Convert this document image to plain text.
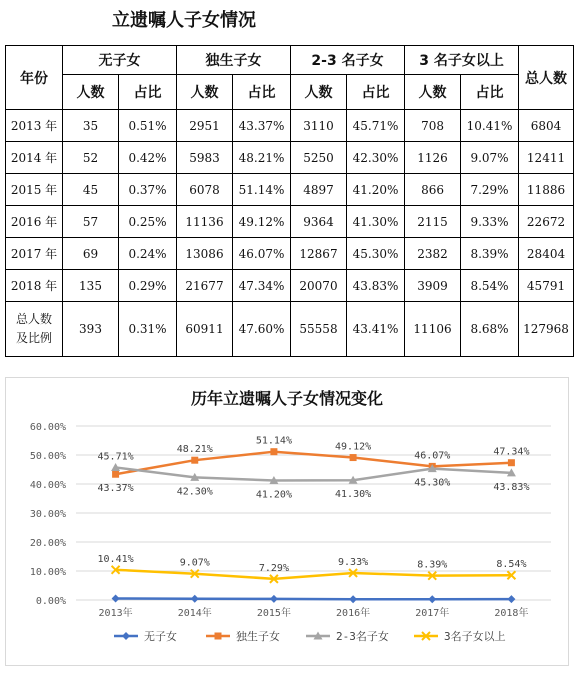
立遗嘱人子女情况
年份	无子女		独生子女		2-3 名子女		3 名子女以上		总人数
	人数	占比	人数	占比	人数	占比	人数	占比	
2013 年	35	0.51%	2951	43.37%	3110	45.71%	708	10.41%	6804
2014 年	52	0.42%	5983	48.21%	5250	42.30%	1126	9.07%	12411
2015 年	45	0.37%	6078	51.14%	4897	41.20%	866	7.29%	11886
2016 年	57	0.25%	11136	49.12%	9364	41.30%	2115	9.33%	22672
2017 年	69	0.24%	13086	46.07%	12867	45.30%	2382	8.39%	28404
2018 年	135	0.29%	21677	47.34%	20070	43.83%	3909	8.54%	45791
总人数
及比例	393	0.31%	60911	47.60%	55558	43.41%	11106	8.68%	127968
历年立遗嘱人子女情况变化
0.00%
10.00%
20.00%
30.00%
40.00%
50.00%
60.00%
2013年	2014年	2015年	2016年	2017年	2018年
43.37%
48.21%
51.14%
49.12%
46.07%	47.34%
45.71%
42.30%	41.20%	41.30%
45.30%	43.83%
10.41%	9.07%	7.29%
9.33%	8.39%	8.54%
无子女	独生子女	2-3名子女	3名子女以上
